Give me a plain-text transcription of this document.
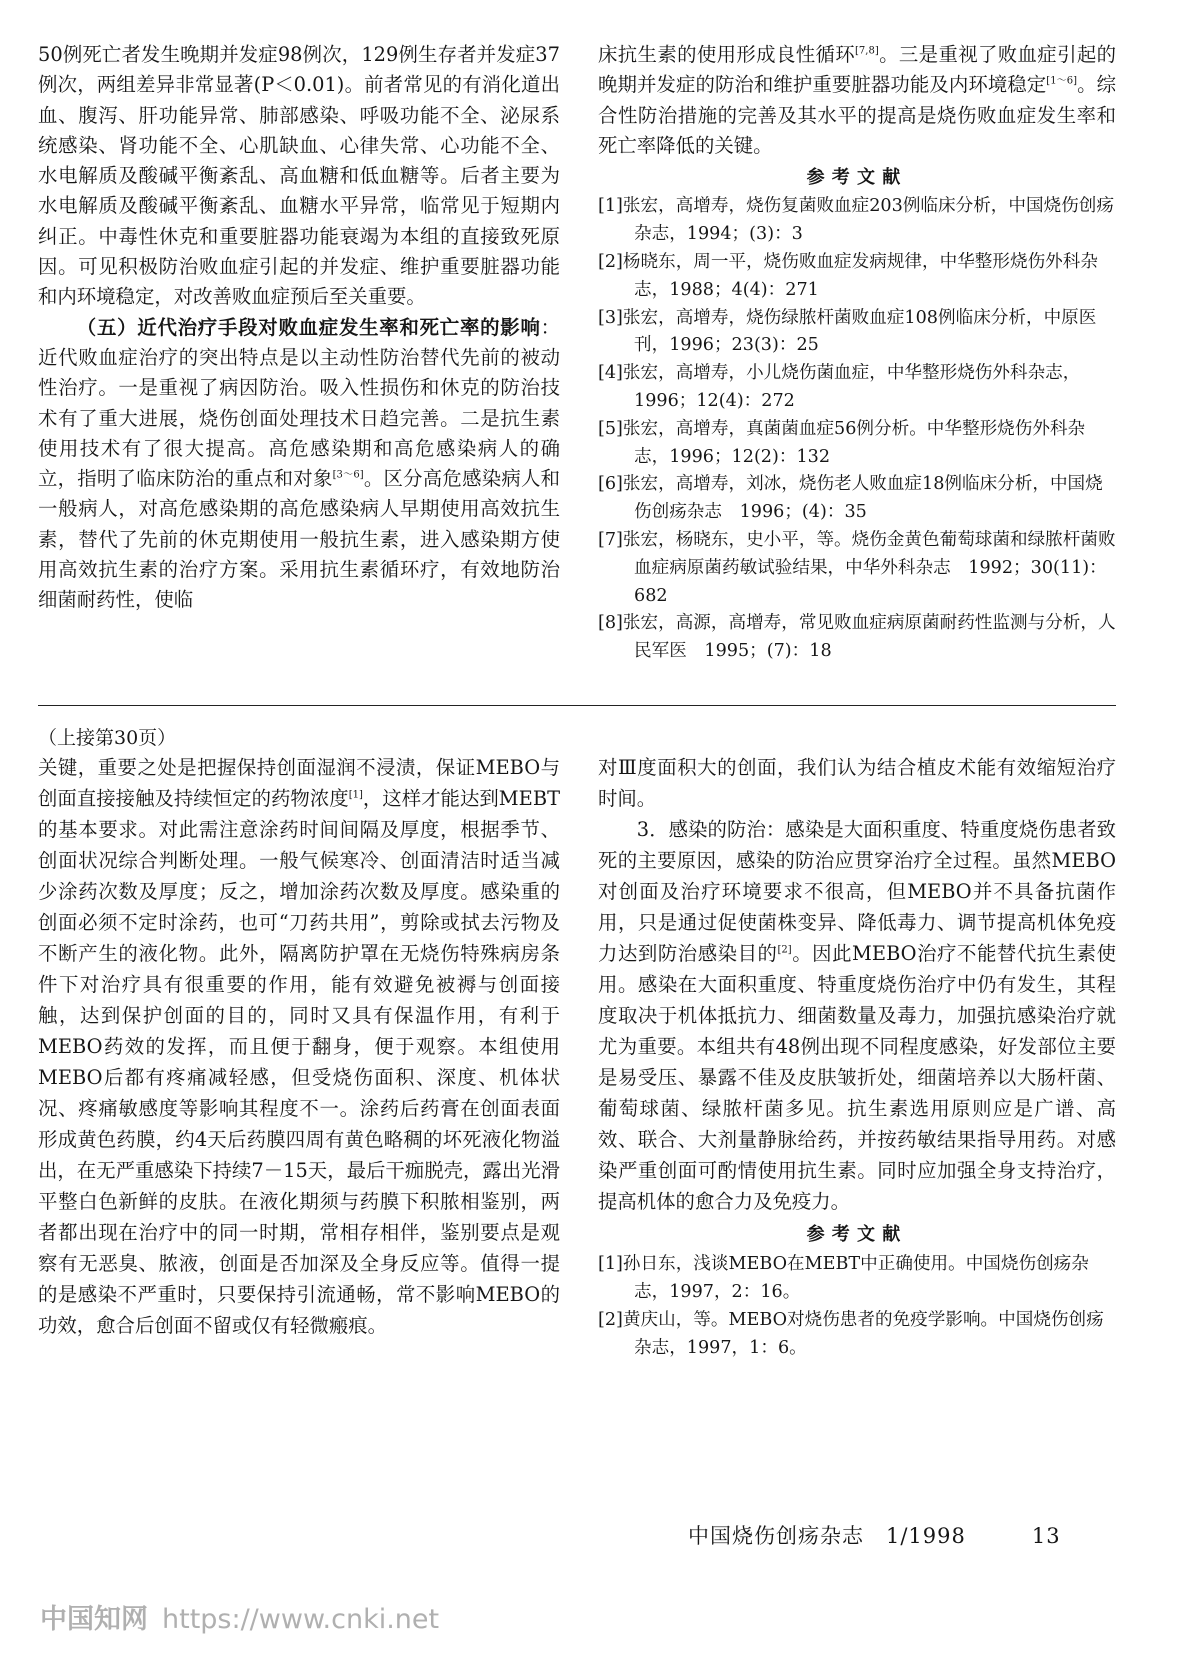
50例死亡者发生晚期并发症98例次，129例生存者并发症37例次，两组差异非常显著(P＜0.01)。前者常见的有消化道出血、腹泻、肝功能异常、肺部感染、呼吸功能不全、泌尿系统感染、肾功能不全、心肌缺血、心律失常、心功能不全、水电解质及酸碱平衡紊乱、高血糖和低血糖等。后者主要为水电解质及酸碱平衡紊乱、血糖水平异常，临常见于短期内纠正。中毒性休克和重要脏器功能衰竭为本组的直接致死原因。可见积极防治败血症引起的并发症、维护重要脏器功能和内环境稳定，对改善败血症预后至关重要。

（五）近代治疗手段对败血症发生率和死亡率的影响：近代败血症治疗的突出特点是以主动性防治替代先前的被动性治疗。一是重视了病因防治。吸入性损伤和休克的防治技术有了重大进展，烧伤创面处理技术日趋完善。二是抗生素使用技术有了很大提高。高危感染期和高危感染病人的确立，指明了临床防治的重点和对象[3～6]。区分高危感染病人和一般病人，对高危感染期的高危感染病人早期使用高效抗生素，替代了先前的休克期使用一般抗生素，进入感染期方使用高效抗生素的治疗方案。采用抗生素循环疗，有效地防治细菌耐药性，使临

床抗生素的使用形成良性循环[7,8]。三是重视了败血症引起的晚期并发症的防治和维护重要脏器功能及内环境稳定[1～6]。综合性防治措施的完善及其水平的提高是烧伤败血症发生率和死亡率降低的关键。

参考文献
[1]张宏，高增寿，烧伤复菌败血症203例临床分析，中国烧伤创疡杂志，1994；(3)：3
[2]杨晓东，周一平，烧伤败血症发病规律，中华整形烧伤外科杂志，1988；4(4)：271
[3]张宏，高增寿，烧伤绿脓杆菌败血症108例临床分析，中原医刊，1996；23(3)：25
[4]张宏，高增寿，小儿烧伤菌血症，中华整形烧伤外科杂志，1996；12(4)：272
[5]张宏，高增寿，真菌菌血症56例分析。中华整形烧伤外科杂志，1996；12(2)：132
[6]张宏，高增寿，刘冰，烧伤老人败血症18例临床分析，中国烧伤创疡杂志　1996；(4)：35
[7]张宏，杨晓东，史小平，等。烧伤金黄色葡萄球菌和绿脓杆菌败血症病原菌药敏试验结果，中华外科杂志　1992；30(11)：682
[8]张宏，高源，高增寿，常见败血症病原菌耐药性监测与分析，人民军医　1995；(7)：18
（上接第30页）

关键，重要之处是把握保持创面湿润不浸渍，保证MEBO与创面直接接触及持续恒定的药物浓度[1]，这样才能达到MEBT的基本要求。对此需注意涂药时间间隔及厚度，根据季节、创面状况综合判断处理。一般气候寒冷、创面清洁时适当减少涂药次数及厚度；反之，增加涂药次数及厚度。感染重的创面必须不定时涂药，也可“刀药共用”，剪除或拭去污物及不断产生的液化物。此外，隔离防护罩在无烧伤特殊病房条件下对治疗具有很重要的作用，能有效避免被褥与创面接触，达到保护创面的目的，同时又具有保温作用，有利于MEBO药效的发挥，而且便于翻身，便于观察。本组使用MEBO后都有疼痛减轻感，但受烧伤面积、深度、机体状况、疼痛敏感度等影响其程度不一。涂药后药膏在创面表面形成黄色药膜，约4天后药膜四周有黄色略稠的坏死液化物溢出，在无严重感染下持续7－15天，最后干痂脱壳，露出光滑平整白色新鲜的皮肤。在液化期须与药膜下积脓相鉴别，两者都出现在治疗中的同一时期，常相存相伴，鉴别要点是观察有无恶臭、脓液，创面是否加深及全身反应等。值得一提的是感染不严重时，只要保持引流通畅，常不影响MEBO的功效，愈合后创面不留或仅有轻微瘢痕。

对Ⅲ度面积大的创面，我们认为结合植皮术能有效缩短治疗时间。

3．感染的防治：感染是大面积重度、特重度烧伤患者致死的主要原因，感染的防治应贯穿治疗全过程。虽然MEBO对创面及治疗环境要求不很高，但MEBO并不具备抗菌作用，只是通过促使菌株变异、降低毒力、调节提高机体免疫力达到防治感染目的[2]。因此MEBO治疗不能替代抗生素使用。感染在大面积重度、特重度烧伤治疗中仍有发生，其程度取决于机体抵抗力、细菌数量及毒力，加强抗感染治疗就尤为重要。本组共有48例出现不同程度感染，好发部位主要是易受压、暴露不佳及皮肤皱折处，细菌培养以大肠杆菌、葡萄球菌、绿脓杆菌多见。抗生素选用原则应是广谱、高效、联合、大剂量静脉给药，并按药敏结果指导用药。对感染严重创面可酌情使用抗生素。同时应加强全身支持治疗，提高机体的愈合力及免疫力。

参考文献
[1]孙日东，浅谈MEBO在MEBT中正确使用。中国烧伤创疡杂志，1997，2：16。
[2]黄庆山，等。MEBO对烧伤患者的免疫学影响。中国烧伤创疡杂志，1997，1：6。
中国烧伤创疡杂志　1/1998	13
中国知网 https://www.cnki.net
